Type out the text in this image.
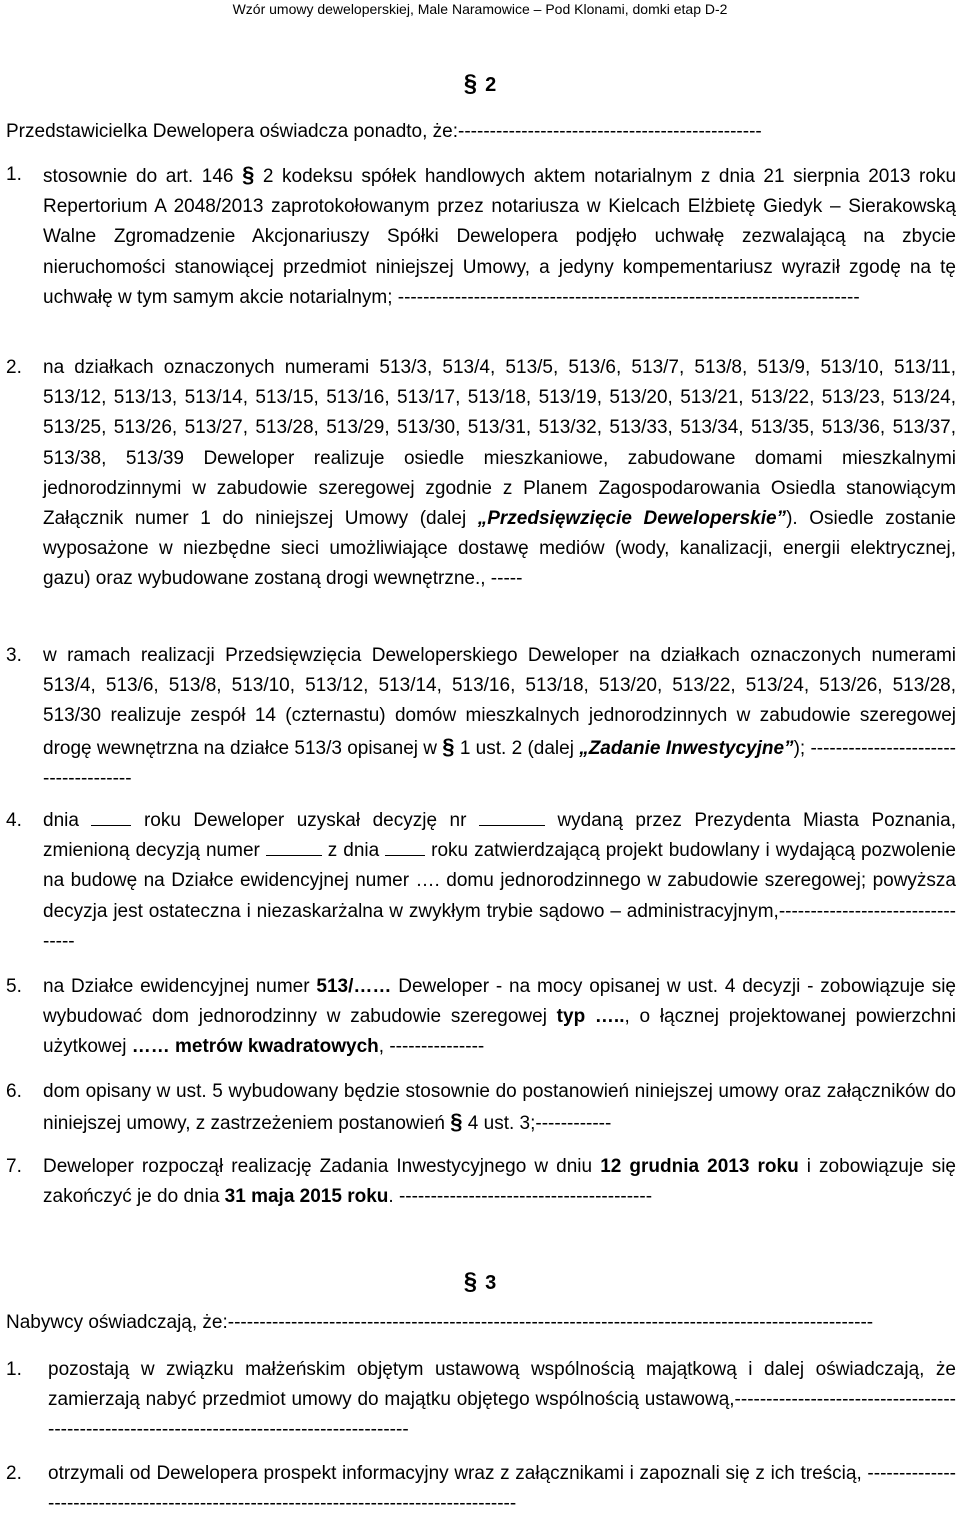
Wzór umowy deweloperskiej, Male Naramowice – Pod Klonami, domki etap D-2
§ 2
Przedstawicielka Dewelopera oświadcza ponadto, że:------------------------------------------------
1. stosownie do art. 146 § 2 kodeksu spółek handlowych aktem notarialnym z dnia 21 sierpnia 2013 roku Repertorium A 2048/2013 zaprotokołowanym przez notariusza w Kielcach Elżbietę Giedyk – Sierakowską Walne Zgromadzenie Akcjonariuszy Spółki Dewelopera podjęło uchwałę zezwalającą na zbycie nieruchomości stanowiącej przedmiot niniejszej Umowy, a jedyny kompementariusz wyraził zgodę na tę uchwałę w tym samym akcie notarialnym; -------------------------------------------------------------------------
2. na działkach oznaczonych numerami 513/3, 513/4, 513/5, 513/6, 513/7, 513/8, 513/9, 513/10, 513/11, 513/12, 513/13, 513/14, 513/15, 513/16, 513/17, 513/18, 513/19, 513/20, 513/21, 513/22, 513/23, 513/24, 513/25, 513/26, 513/27, 513/28, 513/29, 513/30, 513/31, 513/32, 513/33, 513/34, 513/35, 513/36, 513/37, 513/38, 513/39 Deweloper realizuje osiedle mieszkaniowe, zabudowane domami mieszkalnymi jednorodzinnymi w zabudowie szeregowej zgodnie z Planem Zagospodarowania Osiedla stanowiącym Załącznik numer 1 do niniejszej Umowy (dalej „Przedsięwzięcie Deweloperskie”). Osiedle zostanie wyposażone w niezbędne sieci umożliwiające dostawę mediów (wody, kanalizacji, energii elektrycznej, gazu) oraz wybudowane zostaną drogi wewnętrzne., -----
3. w ramach realizacji Przedsięwzięcia Deweloperskiego Deweloper na działkach oznaczonych numerami 513/4, 513/6, 513/8, 513/10, 513/12, 513/14, 513/16, 513/18, 513/20, 513/22, 513/24, 513/26, 513/28, 513/30 realizuje zespół 14 (czternastu) domów mieszkalnych jednorodzinnych w zabudowie szeregowej drogę wewnętrzna na działce 513/3 opisanej w § 1 ust. 2 (dalej „Zadanie Inwestycyjne”); -------------------------------------
4. dnia  roku Deweloper uzyskał decyzję nr	wydaną przez Prezydenta Miasta Poznania, zmienioną decyzją numer	z dnia  roku zatwierdzającą projekt budowlany i wydającą pozwolenie na budowę na Działce ewidencyjnej numer …. domu jednorodzinnego w zabudowie szeregowej; powyższa decyzja jest ostateczna i niezaskarżalna w zwykłym trybie sądowo – administracyjnym,---------------------------------
5. na Działce ewidencyjnej numer 513/…… Deweloper - na mocy opisanej w ust. 4 decyzji - zobowiązuje się wybudować dom jednorodzinny w zabudowie szeregowej typ ….., o łącznej projektowanej powierzchni użytkowej …… metrów kwadratowych, ---------------
6. dom opisany w ust. 5 wybudowany będzie stosownie do postanowień niniejszej umowy oraz załączników do niniejszej umowy, z zastrzeżeniem postanowień § 4 ust. 3;------------
7. Deweloper rozpoczął realizację Zadania Inwestycyjnego w dniu 12 grudnia 2013 roku i zobowiązuje się zakończyć je do dnia 31 maja 2015 roku. ----------------------------------------
§ 3
Nabywcy oświadczają, że:------------------------------------------------------------------------------------------------------
1. pozostają w związku małżeńskim objętym ustawową wspólnością majątkową i dalej oświadczają, że zamierzają nabyć przedmiot umowy do majątku objętego wspólnością ustawową,--------------------------------------------------------------------------------------------
2. otrzymali od Dewelopera prospekt informacyjny wraz z załącznikami i zapoznali się z ich treścią, ----------------------------------------------------------------------------------------
